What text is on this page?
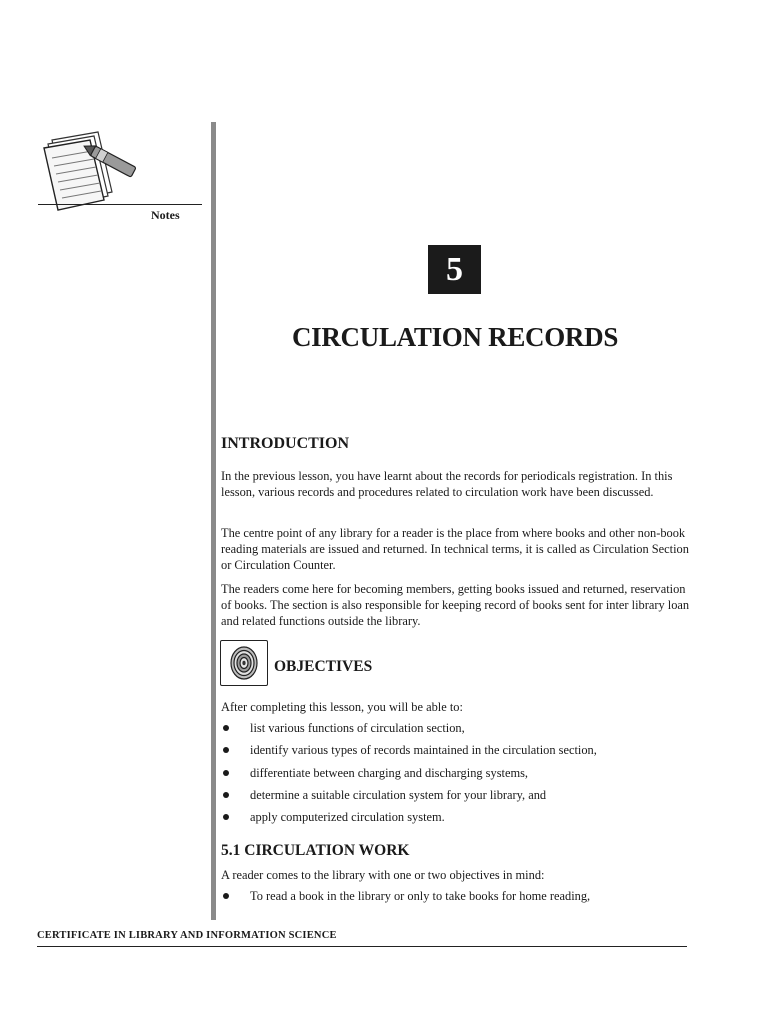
Notes
5
CIRCULATION RECORDS
INTRODUCTION

In the previous lesson, you have learnt about the records for periodicals registration. In this lesson, various records and procedures related to circulation work have been discussed.

The centre point of any library for a reader is the place from where books and other non-book reading materials are issued and returned. In technical terms, it is called as Circulation Section or Circulation Counter.

The readers come here for becoming members, getting books issued and returned, reservation of books. The section is also responsible for keeping record of books sent for inter library loan and related functions outside the library.

OBJECTIVES

After completing this lesson, you will be able to:

list various functions of circulation section,
identify various types of records maintained in the circulation section,
differentiate between charging and discharging systems,
determine a suitable circulation system for your library, and
apply computerized circulation system.
5.1 CIRCULATION WORK

A reader comes to the library with one or two objectives in mind:

To read a book in the library or only to take books for home reading,
CERTIFICATE IN LIBRARY AND INFORMATION SCIENCE
